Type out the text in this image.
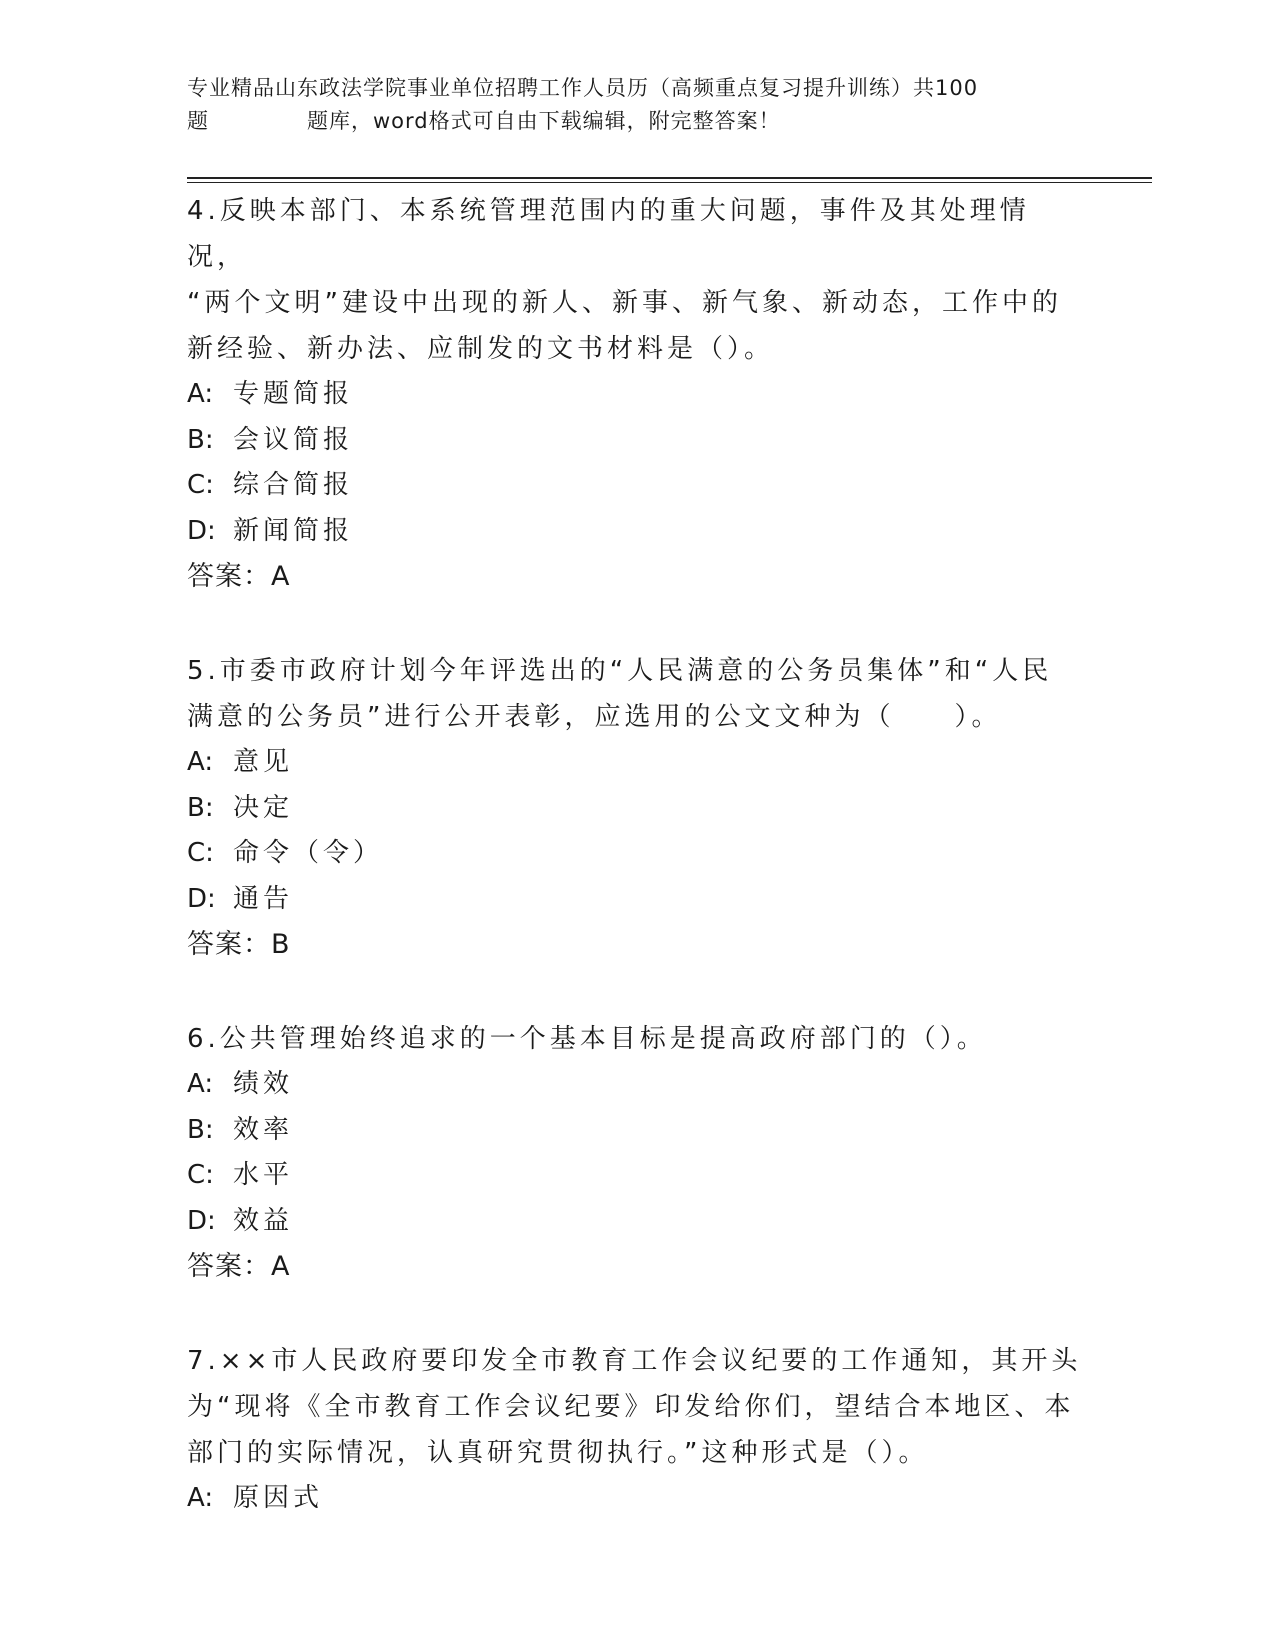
专业精品山东政法学院事业单位招聘工作人员历（高频重点复习提升训练）共100

题	题库，word格式可自由下载编辑，附完整答案！
4.反映本部门、本系统管理范围内的重大问题，事件及其处理情况，
“两个文明”建设中出现的新人、新事、新气象、新动态，工作中的
新经验、新办法、应制发的文书材料是（）。
A: 专题简报
B: 会议简报
C: 综合简报
D: 新闻简报
答案：A
5.市委市政府计划今年评选出的“人民满意的公务员集体”和“人民
满意的公务员”进行公开表彰，应选用的公文文种为（　　）。
A: 意见
B: 决定
C: 命令（令）
D: 通告
答案：B
6.公共管理始终追求的一个基本目标是提高政府部门的（）。
A: 绩效
B: 效率
C: 水平
D: 效益
答案：A
7.××市人民政府要印发全市教育工作会议纪要的工作通知，其开头
为“现将《全市教育工作会议纪要》印发给你们，望结合本地区、本
部门的实际情况，认真研究贯彻执行。”这种形式是（）。
A: 原因式
